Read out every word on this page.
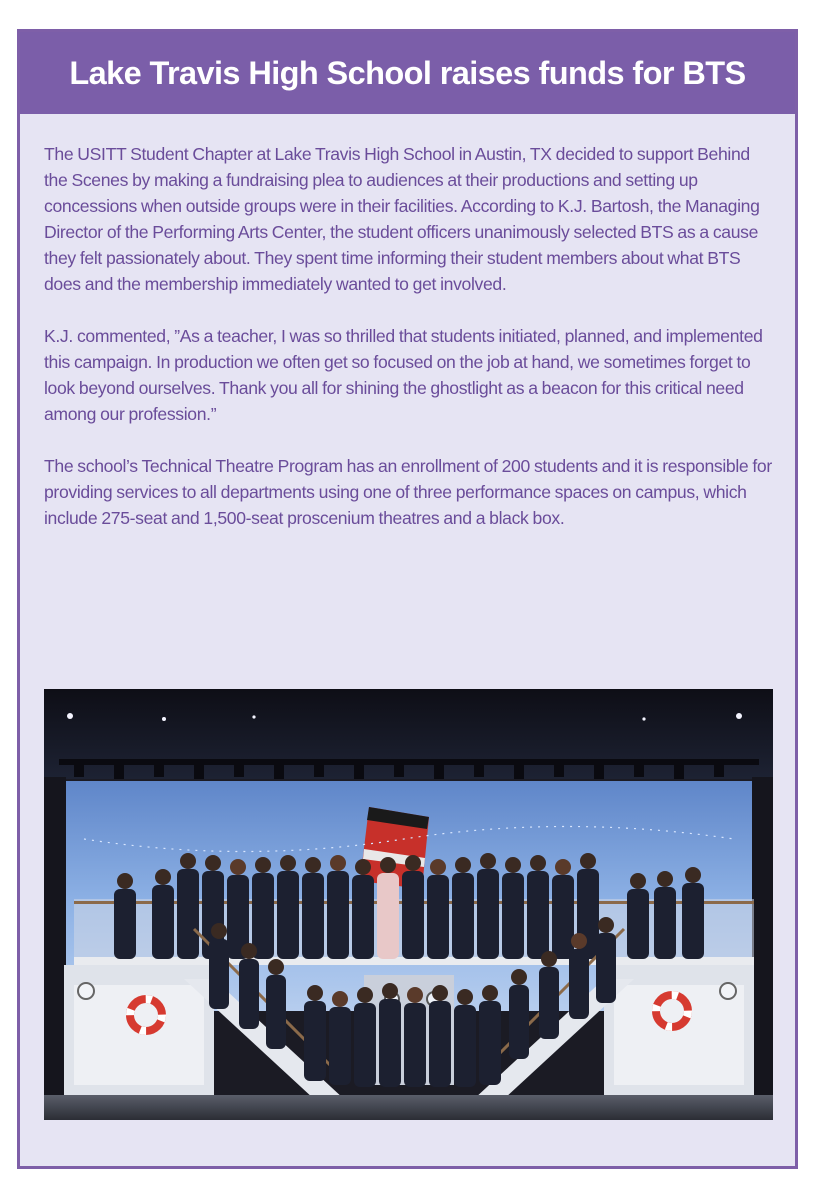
Lake Travis High School raises funds for BTS

The USITT Student Chapter at Lake Travis High School in Austin, TX decided to support Behind the Scenes by making a fundraising plea to audiences at their productions and setting up concessions when outside groups were in their facilities. According to K.J. Bartosh, the Managing Director of the Performing Arts Center, the student officers unanimously selected BTS as a cause they felt passionately about. They spent time informing their student members about what BTS does and the membership immediately wanted to get involved.

K.J. commented, ”As a teacher, I was so thrilled that students initiated, planned, and implemented this campaign. In production we often get so focused on the job at hand, we sometimes forget to look beyond ourselves. Thank you all for shining the ghostlight as a beacon for this critical need among our profession.”

The school’s Technical Theatre Program has an enrollment of 200 students and it is responsible for providing services to all departments using one of three performance spaces on campus, which include 275-seat and 1,500-seat proscenium theatres and a black box.
